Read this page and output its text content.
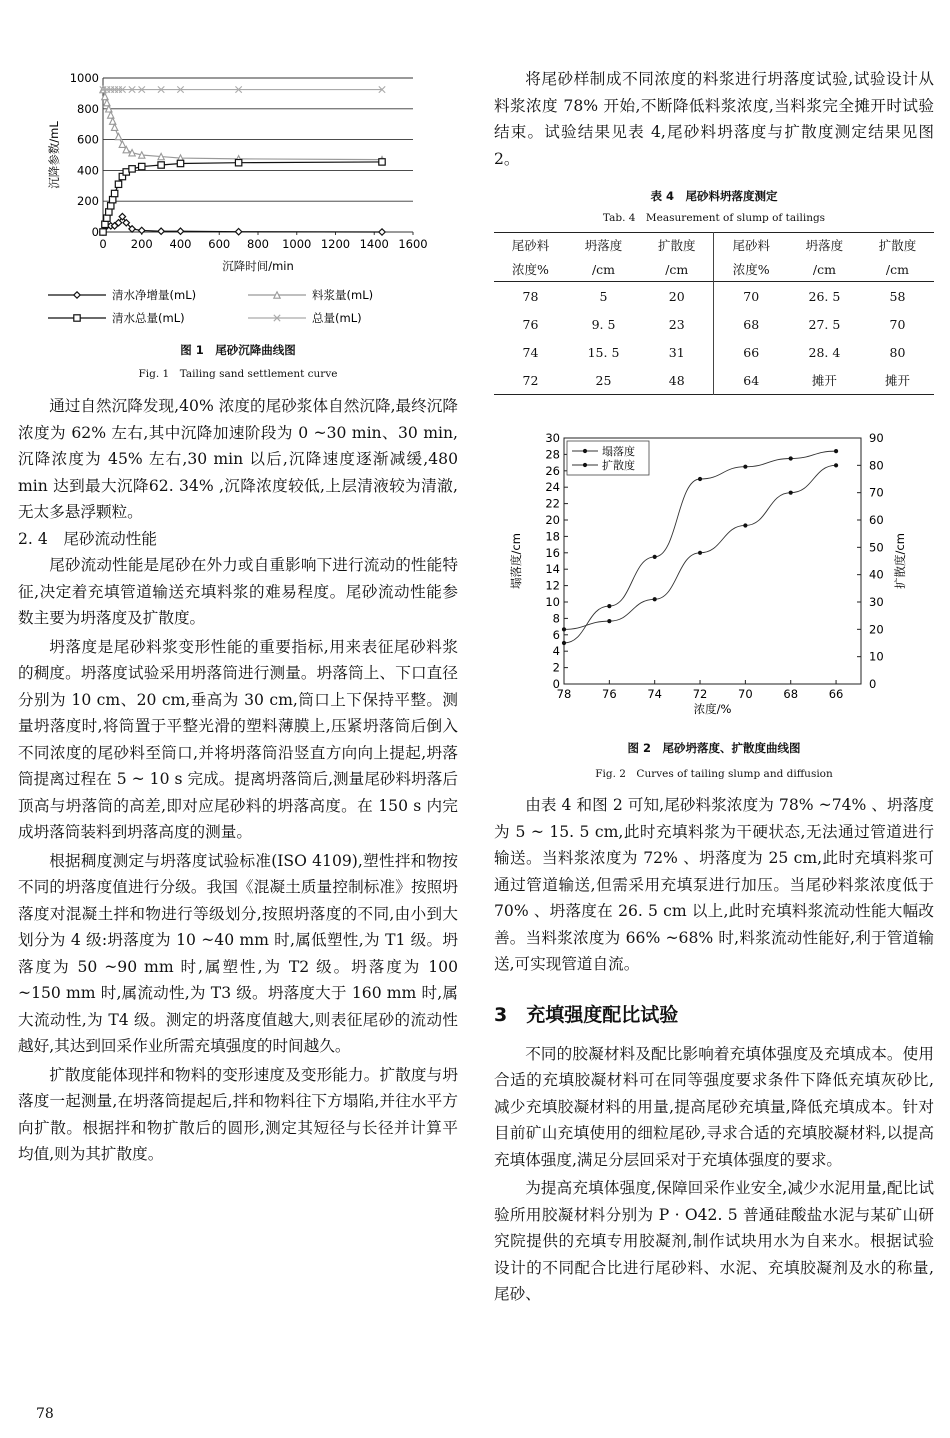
0
200
400
600
800
1000
0 200 400 600 800 1000 1200 1400 1600
沉降时间/min
沉降参数/mL
清水净增量(mL)	料浆量(mL)
清水总量(mL)	总量(mL)

图 1　尾砂沉降曲线图

Fig. 1　Tailing sand settlement curve

通过自然沉降发现,40% 浓度的尾砂浆体自然沉降,最终沉降浓度为 62% 左右,其中沉降加速阶段为 0 ~30 min、30 min,沉降浓度为 45% 左右,30 min 以后,沉降速度逐渐减缓,480 min 达到最大沉降62. 34% ,沉降浓度较低,上层清液较为清澈,无太多悬浮颗粒。

2. 4　尾砂流动性能

尾砂流动性能是尾砂在外力或自重影响下进行流动的性能特征,决定着充填管道输送充填料浆的难易程度。尾砂流动性能参数主要为坍落度及扩散度。

坍落度是尾砂料浆变形性能的重要指标,用来表征尾砂料浆的稠度。坍落度试验采用坍落筒进行测量。坍落筒上、下口直径分别为 10 cm、20 cm,垂高为 30 cm,筒口上下保持平整。测量坍落度时,将筒置于平整光滑的塑料薄膜上,压紧坍落筒后倒入不同浓度的尾砂料至筒口,并将坍落筒沿竖直方向向上提起,坍落筒提离过程在 5 ~ 10 s 完成。提离坍落筒后,测量尾砂料坍落后顶高与坍落筒的高差,即对应尾砂料的坍落高度。在 150 s 内完成坍落筒装料到坍落高度的测量。

根据稠度测定与坍落度试验标准(ISO 4109),塑性拌和物按不同的坍落度值进行分级。我国《混凝土质量控制标准》按照坍落度对混凝土拌和物进行等级划分,按照坍落度的不同,由小到大划分为 4 级:坍落度为 10 ~40 mm 时,属低塑性,为 T1 级。坍落度为 50 ~90 mm 时,属塑性,为 T2 级。坍落度为 100 ~150 mm 时,属流动性,为 T3 级。坍落度大于 160 mm 时,属大流动性,为 T4 级。测定的坍落度值越大,则表征尾砂的流动性越好,其达到回采作业所需充填强度的时间越久。

扩散度能体现拌和物料的变形速度及变形能力。扩散度与坍落度一起测量,在坍落筒提起后,拌和物料往下方塌陷,并往水平方向扩散。根据拌和物扩散后的圆形,测定其短径与长径并计算平均值,则为其扩散度。

将尾砂样制成不同浓度的料浆进行坍落度试验,试验设计从料浆浓度 78% 开始,不断降低料浆浓度,当料浆完全摊开时试验结束。试验结果见表 4,尾砂料坍落度与扩散度测定结果见图 2。

表 4　尾砂料坍落度测定

Tab. 4　Measurement of slump of tailings

尾砂料	坍落度	扩散度	尾砂料	坍落度	扩散度
浓度%	/cm	/cm	浓度%	/cm	/cm
78	5	20	70	26. 5	58
76	9. 5	23	68	27. 5	70
74	15. 5	31	66	28. 4	80
72	25	48	64	摊开	摊开
0
2
4
6
8
10
12
14
16
18
20
22
24
26
28
30
0
10
20
30
40
50
60
70
80
90
78	76	74	72	70	68	66
浓度/%
塌落度/cm	扩散度/cm
塌落度
扩散度

图 2　尾砂坍落度、扩散度曲线图

Fig. 2　Curves of tailing slump and diffusion

由表 4 和图 2 可知,尾砂料浆浓度为 78% ~74% 、坍落度为 5 ~ 15. 5 cm,此时充填料浆为干硬状态,无法通过管道进行输送。当料浆浓度为 72% 、坍落度为 25 cm,此时充填料浆可通过管道输送,但需采用充填泵进行加压。当尾砂料浆浓度低于 70% 、坍落度在 26. 5 cm 以上,此时充填料浆流动性能大幅改善。当料浆浓度为 66% ~68% 时,料浆流动性能好,利于管道输送,可实现管道自流。

3　充填强度配比试验

不同的胶凝材料及配比影响着充填体强度及充填成本。使用合适的充填胶凝材料可在同等强度要求条件下降低充填灰砂比,减少充填胶凝材料的用量,提高尾砂充填量,降低充填成本。针对目前矿山充填使用的细粒尾砂,寻求合适的充填胶凝材料,以提高充填体强度,满足分层回采对于充填体强度的要求。

为提高充填体强度,保障回采作业安全,减少水泥用量,配比试验所用胶凝材料分别为 P · O42. 5 普通硅酸盐水泥与某矿山研究院提供的充填专用胶凝剂,制作试块用水为自来水。根据试验设计的不同配合比进行尾砂料、水泥、充填胶凝剂及水的称量,尾砂、

78
